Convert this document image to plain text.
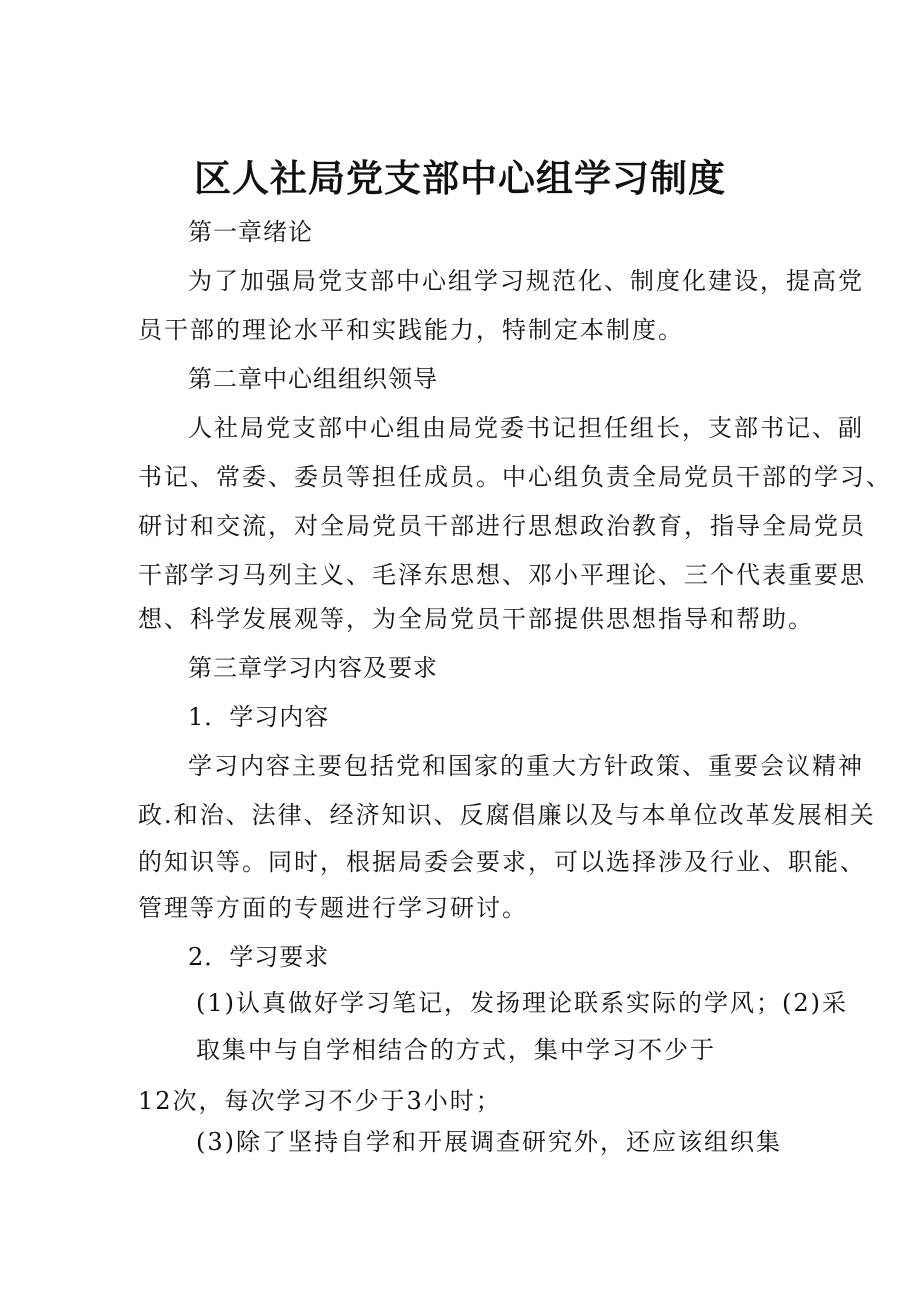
区人社局党支部中心组学习制度
第一章绪论
为了加强局党支部中心组学习规范化、制度化建设，提高党
员干部的理论水平和实践能力，特制定本制度。
第二章中心组组织领导
人社局党支部中心组由局党委书记担任组长，支部书记、副
书记、常委、委员等担任成员。中心组负责全局党员干部的学习、
研讨和交流，对全局党员干部进行思想政治教育，指导全局党员
干部学习马列主义、毛泽东思想、邓小平理论、三个代表重要思
想、科学发展观等，为全局党员干部提供思想指导和帮助。
第三章学习内容及要求
1．学习内容
学习内容主要包括党和国家的重大方针政策、重要会议精神
政.和治、法律、经济知识、反腐倡廉以及与本单位改革发展相关
的知识等。同时，根据局委会要求，可以选择涉及行业、职能、
管理等方面的专题进行学习研讨。
2．学习要求
(1)认真做好学习笔记，发扬理论联系实际的学风；(2)采
取集中与自学相结合的方式，集中学习不少于
12次，每次学习不少于3小时；
(3)除了坚持自学和开展调查研究外，还应该组织集
